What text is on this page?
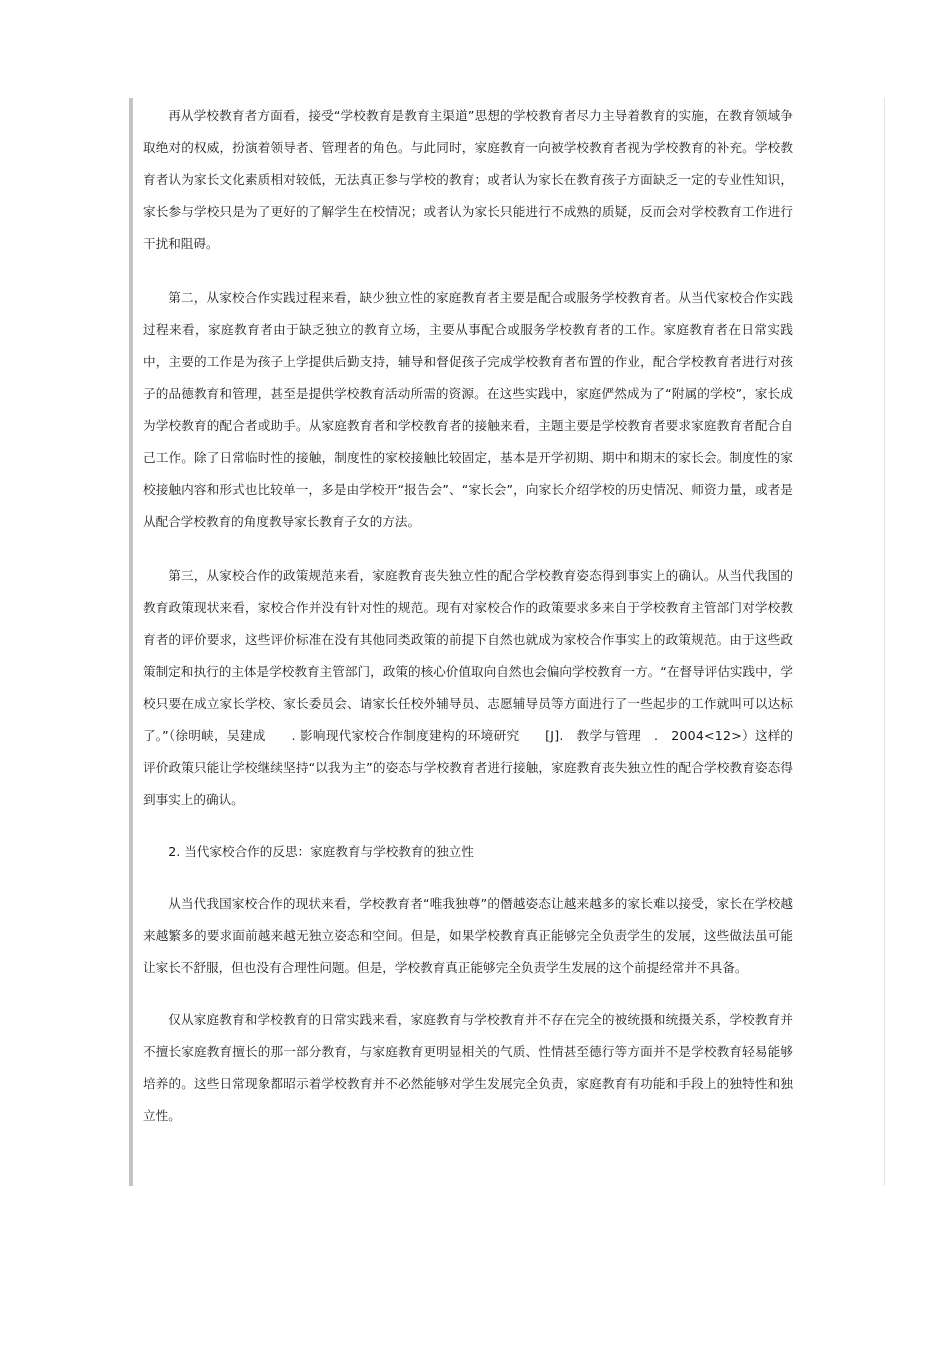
再从学校教育者方面看，接受“学校教育是教育主渠道”思想的学校教育者尽力主导着教育的实施，在教育领域争取绝对的权威，扮演着领导者、管理者的角色。与此同时，家庭教育一向被学校教育者视为学校教育的补充。学校教育者认为家长文化素质相对较低，无法真正参与学校的教育；或者认为家长在教育孩子方面缺乏一定的专业性知识，家长参与学校只是为了更好的了解学生在校情况；或者认为家长只能进行不成熟的质疑，反而会对学校教育工作进行干扰和阻碍。

第二，从家校合作实践过程来看，缺少独立性的家庭教育者主要是配合或服务学校教育者。从当代家校合作实践过程来看，家庭教育者由于缺乏独立的教育立场，主要从事配合或服务学校教育者的工作。家庭教育者在日常实践中，主要的工作是为孩子上学提供后勤支持，辅导和督促孩子完成学校教育者布置的作业，配合学校教育者进行对孩子的品德教育和管理，甚至是提供学校教育活动所需的资源。在这些实践中，家庭俨然成为了“附属的学校”，家长成为学校教育的配合者或助手。从家庭教育者和学校教育者的接触来看，主题主要是学校教育者要求家庭教育者配合自己工作。除了日常临时性的接触，制度性的家校接触比较固定，基本是开学初期、期中和期末的家长会。制度性的家校接触内容和形式也比较单一，多是由学校开“报告会”、“家长会”，向家长介绍学校的历史情况、师资力量，或者是从配合学校教育的角度教导家长教育子女的方法。

第三，从家校合作的政策规范来看，家庭教育丧失独立性的配合学校教育姿态得到事实上的确认。从当代我国的教育政策现状来看，家校合作并没有针对性的规范。现有对家校合作的政策要求多来自于学校教育主管部门对学校教育者的评价要求，这些评价标准在没有其他同类政策的前提下自然也就成为家校合作事实上的政策规范。由于这些政策制定和执行的主体是学校教育主管部门，政策的核心价值取向自然也会偏向学校教育一方。“在督导评估实践中，学校只要在成立家长学校、家长委员会、请家长任校外辅导员、志愿辅导员等方面进行了一些起步的工作就叫可以达标了。”（徐明峡，吴建成　　. 影响现代家校合作制度建构的环境研究　　[J].　教学与管理　.　2004<12>）这样的评价政策只能让学校继续坚持“以我为主”的姿态与学校教育者进行接触，家庭教育丧失独立性的配合学校教育姿态得到事实上的确认。

2. 当代家校合作的反思：家庭教育与学校教育的独立性

从当代我国家校合作的现状来看，学校教育者“唯我独尊”的僭越姿态让越来越多的家长难以接受，家长在学校越来越繁多的要求面前越来越无独立姿态和空间。但是，如果学校教育真正能够完全负责学生的发展，这些做法虽可能让家长不舒服，但也没有合理性问题。但是，学校教育真正能够完全负责学生发展的这个前提经常并不具备。

仅从家庭教育和学校教育的日常实践来看，家庭教育与学校教育并不存在完全的被统摄和统摄关系，学校教育并不擅长家庭教育擅长的那一部分教育，与家庭教育更明显相关的气质、性情甚至德行等方面并不是学校教育轻易能够培养的。这些日常现象都昭示着学校教育并不必然能够对学生发展完全负责，家庭教育有功能和手段上的独特性和独立性。
